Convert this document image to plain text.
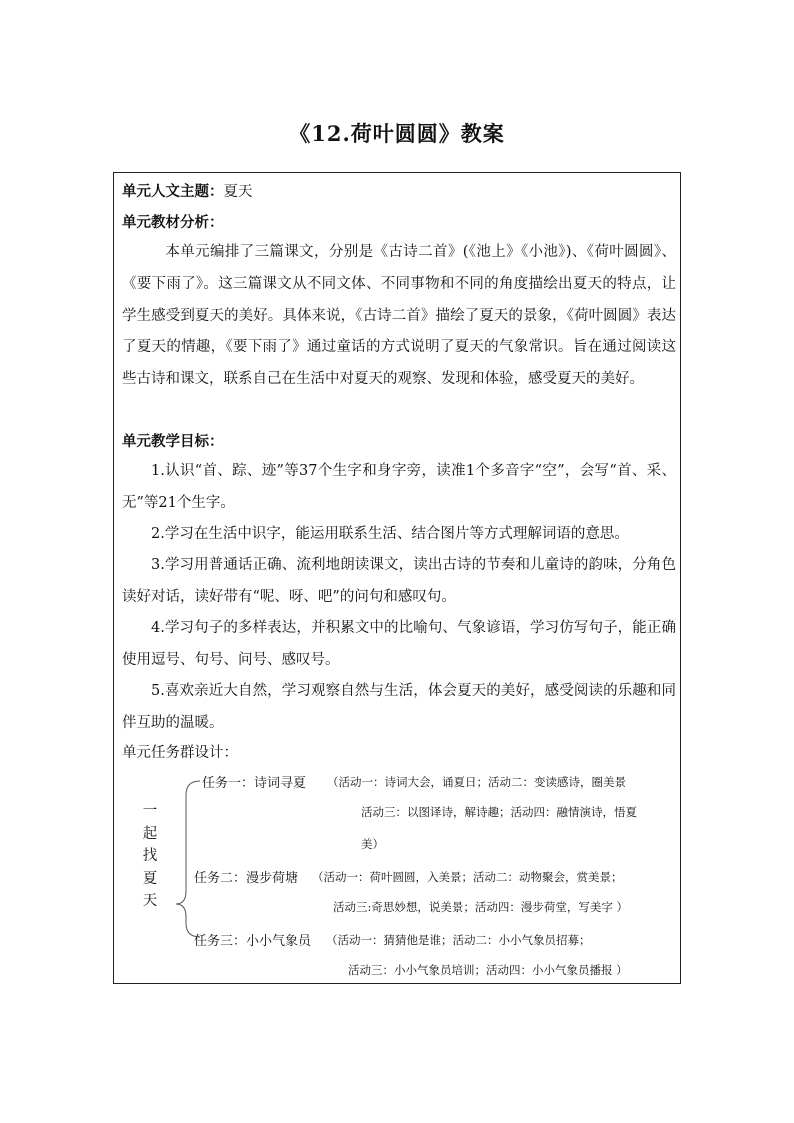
《12.荷叶圆圆》教案
单元人文主题：夏天
单元教材分析：
本单元编排了三篇课文，分别是《古诗二首》(《池上》《小池》)、《荷叶圆圆》、《要下雨了》。这三篇课文从不同文体、不同事物和不同的角度描绘出夏天的特点，让学生感受到夏天的美好。具体来说，《古诗二首》描绘了夏天的景象，《荷叶圆圆》表达了夏天的情趣，《要下雨了》通过童话的方式说明了夏天的气象常识。旨在通过阅读这些古诗和课文，联系自己在生活中对夏天的观察、发现和体验，感受夏天的美好。
单元教学目标：
1.认识“首、踪、迹”等37个生字和身字旁，读准1个多音字“空”，会写“首、采、无”等21个生字。
2.学习在生活中识字，能运用联系生活、结合图片等方式理解词语的意思。
3.学习用普通话正确、流利地朗读课文，读出古诗的节奏和儿童诗的韵味，分角色读好对话，读好带有“呢、呀、吧”的问句和感叹句。
4.学习句子的多样表达，并积累文中的比喻句、气象谚语，学习仿写句子，能正确使用逗号、句号、问号、感叹号。
5.喜欢亲近大自然，学习观察自然与生活，体会夏天的美好，感受阅读的乐趣和同伴互助的温暖。
单元任务群设计：
一起找夏天
任务一：诗词寻夏 （活动一：诗词大会，诵夏日；活动二：变读感诗，圈美景
活动三：以图译诗，解诗趣；活动四：融情演诗，悟夏
美）
任务二：漫步荷塘 （活动一：荷叶圆圆，入美景；活动二：动物聚会，赏美景；
活动三:奇思妙想，说美景；活动四：漫步荷堂，写美字 ）
任务三：小小气象员 （活动一：猜猜他是谁；活动二：小小气象员招募；
活动三：小小气象员培训；活动四：小小气象员播报 ）
